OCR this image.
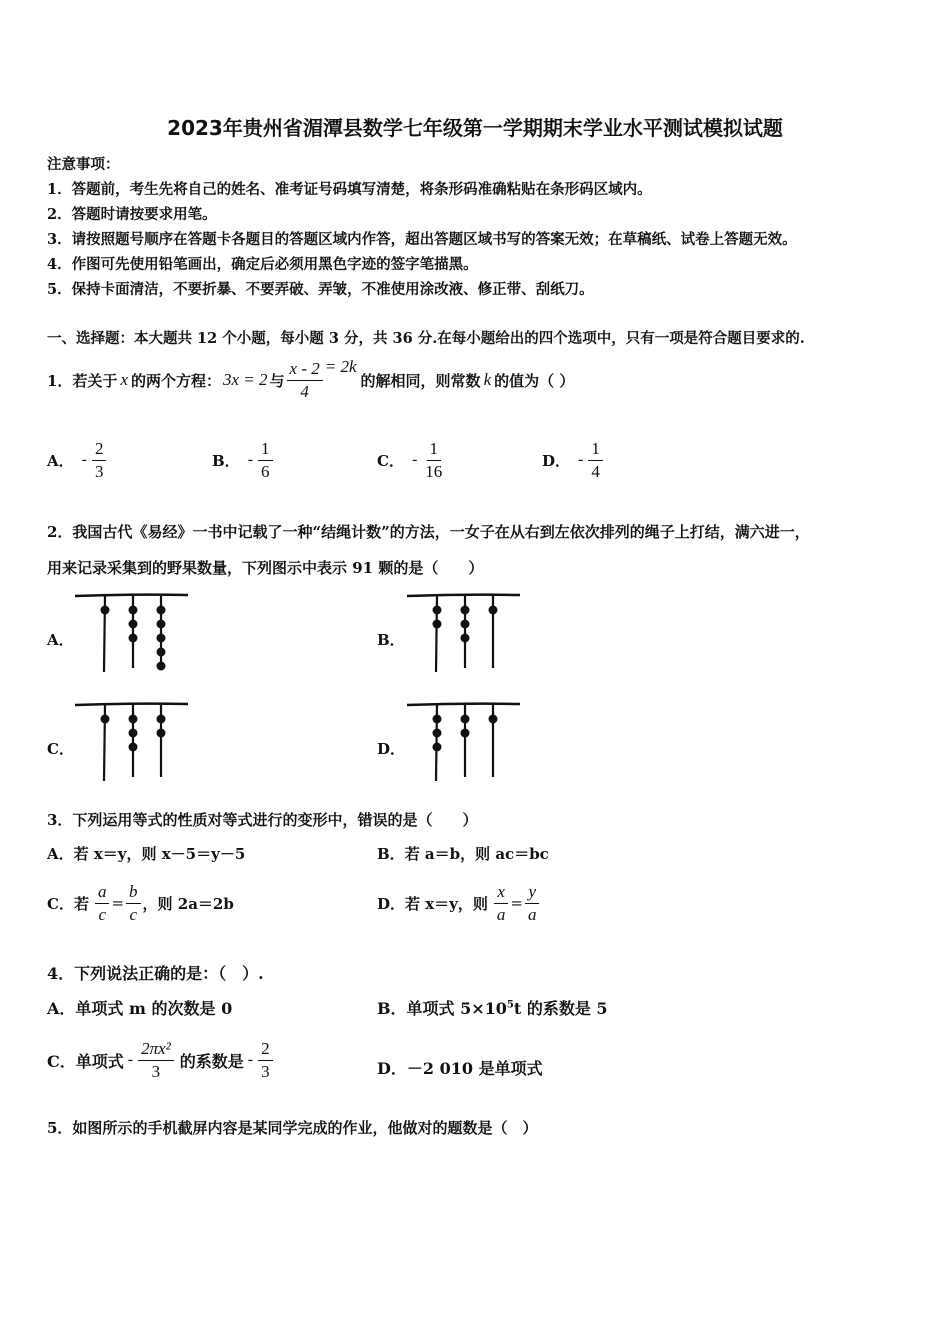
2023年贵州省湄潭县数学七年级第一学期期末学业水平测试模拟试题
注意事项：
1．答题前，考生先将自己的姓名、准考证号码填写清楚，将条形码准确粘贴在条形码区域内。
2．答题时请按要求用笔。
3．请按照题号顺序在答题卡各题目的答题区域内作答，超出答题区域书写的答案无效；在草稿纸、试卷上答题无效。
4．作图可先使用铅笔画出，确定后必须用黑色字迹的签字笔描黑。
5．保持卡面清洁，不要折暴、不要弄破、弄皱，不准使用涂改液、修正带、刮纸刀。
一、选择题：本大题共 12 个小题，每小题 3 分，共 36 分.在每小题给出的四个选项中，只有一项是符合题目要求的.
1．若关于 x 的两个方程： 3x = 2 与 $\frac{x - 2}{4} = 2k$
的解相同，则常数 k 的值为（ ）
A． - $\frac{2}{3}$	B． - $\frac{1}{6}$	C． - $\frac{1}{16}$	D． - $\frac{1}{4}$
2．我国古代《易经》一书中记载了一种“结绳计数”的方法，一女子在从右到左依次排列的绳子上打结，满六进一，
用来记录采集到的野果数量，下列图示中表示 91 颗的是（　　）
A．	B．
C．	D．
3．下列运用等式的性质对等式进行的变形中，错误的是（　　）
A．若 x＝y，则 x－5＝y－5	B．若 a＝b，则 ac＝bc
C． 若 $\frac{a}{c} = \frac{b}{c}$ ，则 2a＝2b	D． 若 x＝y，则 $\frac{x}{a} = \frac{y}{a}$
4．下列说法正确的是：（　）.
A．单项式 m 的次数是 0	B．单项式 $5\times 10^5t$ 的系数是 5
C． 单项式 - $\frac{\text{2πx²}}{3}$ 的系数是 - $\frac{2}{3}$	D．－2 010 是单项式
5．如图所示的手机截屏内容是某同学完成的作业，他做对的题数是（　）
